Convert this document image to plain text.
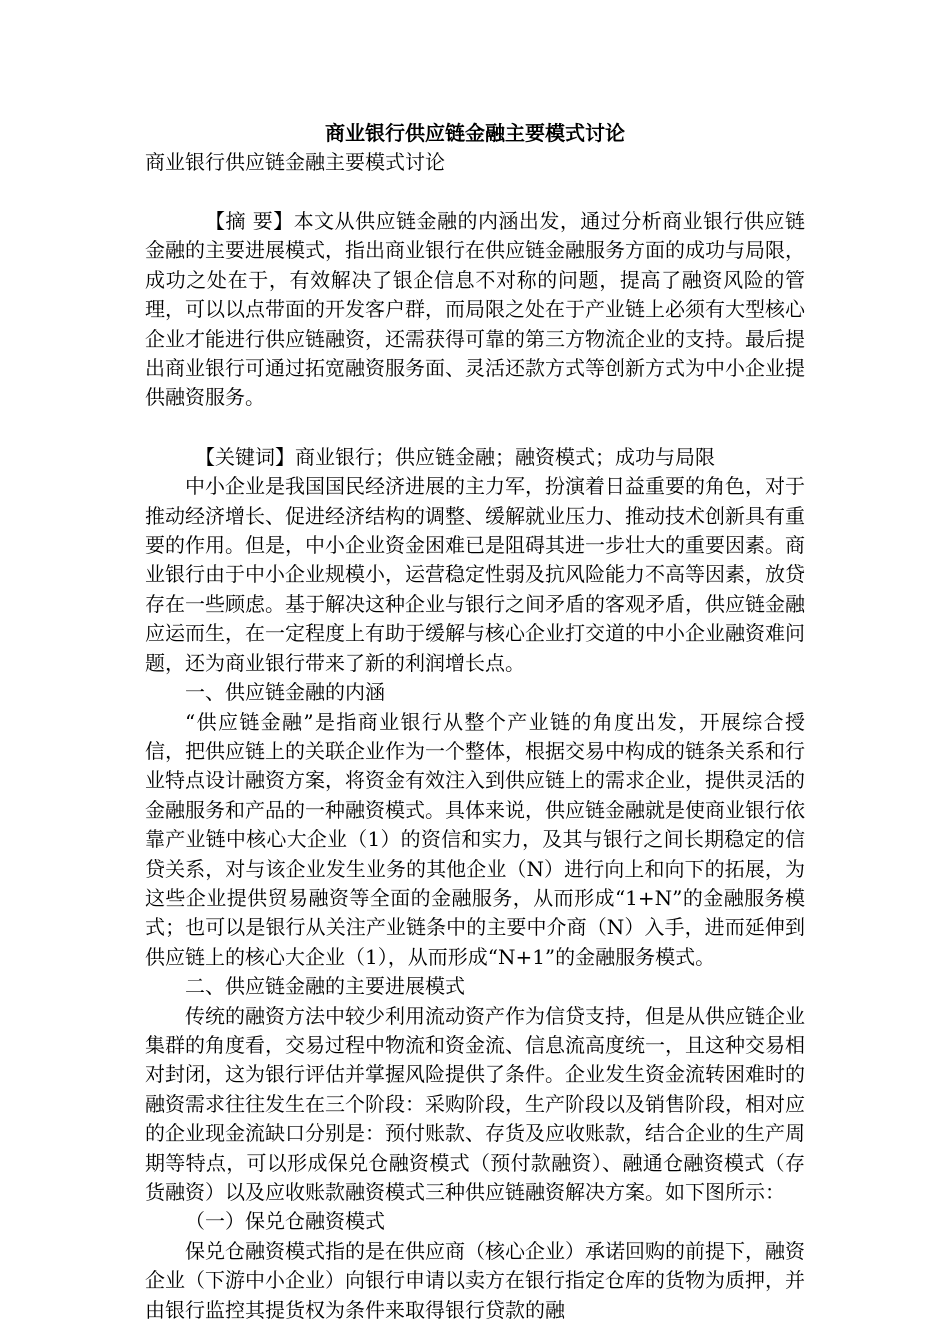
商业银行供应链金融主要模式讨论
商业银行供应链金融主要模式讨论

【摘 要】本文从供应链金融的内涵出发，通过分析商业银行供应链金融的主要进展模式，指出商业银行在供应链金融服务方面的成功与局限，成功之处在于，有效解决了银企信息不对称的问题，提高了融资风险的管理，可以以点带面的开发客户群，而局限之处在于产业链上必须有大型核心企业才能进行供应链融资，还需获得可靠的第三方物流企业的支持。最后提出商业银行可通过拓宽融资服务面、灵活还款方式等创新方式为中小企业提供融资服务。

【关键词】商业银行；供应链金融；融资模式；成功与局限

中小企业是我国国民经济进展的主力军，扮演着日益重要的角色，对于推动经济增长、促进经济结构的调整、缓解就业压力、推动技术创新具有重要的作用。但是，中小企业资金困难已是阻碍其进一步壮大的重要因素。商业银行由于中小企业规模小，运营稳定性弱及抗风险能力不高等因素，放贷存在一些顾虑。基于解决这种企业与银行之间矛盾的客观矛盾，供应链金融应运而生，在一定程度上有助于缓解与核心企业打交道的中小企业融资难问题，还为商业银行带来了新的利润增长点。

一、供应链金融的内涵

“供应链金融”是指商业银行从整个产业链的角度出发，开展综合授信，把供应链上的关联企业作为一个整体，根据交易中构成的链条关系和行业特点设计融资方案，将资金有效注入到供应链上的需求企业，提供灵活的金融服务和产品的一种融资模式。具体来说，供应链金融就是使商业银行依靠产业链中核心大企业（1）的资信和实力，及其与银行之间长期稳定的信贷关系，对与该企业发生业务的其他企业（N）进行向上和向下的拓展，为这些企业提供贸易融资等全面的金融服务，从而形成“1+N”的金融服务模式；也可以是银行从关注产业链条中的主要中介商（N）入手，进而延伸到供应链上的核心大企业（1），从而形成“N+1”的金融服务模式。

二、供应链金融的主要进展模式

传统的融资方法中较少利用流动资产作为信贷支持，但是从供应链企业集群的角度看，交易过程中物流和资金流、信息流高度统一，且这种交易相对封闭，这为银行评估并掌握风险提供了条件。企业发生资金流转困难时的融资需求往往发生在三个阶段：采购阶段，生产阶段以及销售阶段，相对应的企业现金流缺口分别是：预付账款、存货及应收账款，结合企业的生产周期等特点，可以形成保兑仓融资模式（预付款融资）、融通仓融资模式（存货融资）以及应收账款融资模式三种供应链融资解决方案。如下图所示：

（一）保兑仓融资模式

保兑仓融资模式指的是在供应商（核心企业）承诺回购的前提下，融资企业（下游中小企业）向银行申请以卖方在银行指定仓库的货物为质押，并由银行监控其提货权为条件来取得银行贷款的融
